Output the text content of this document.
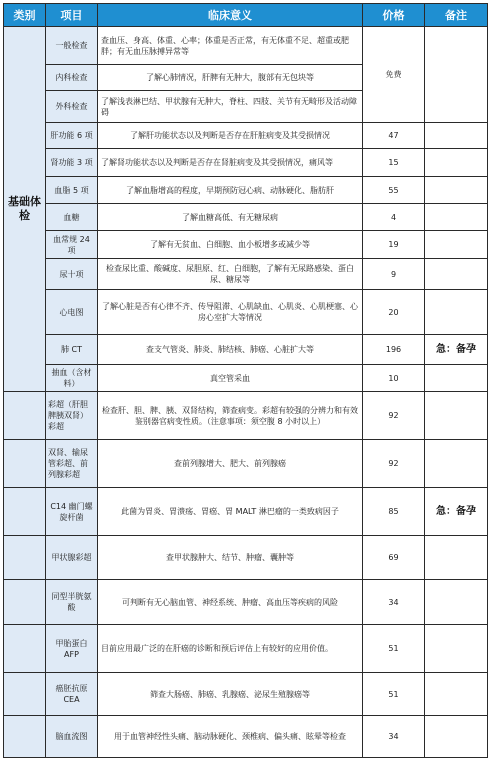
类别	项目	临床意义	价格	备注
基础体检	一般检查	查血压、身高、体重、心率；体重是否正常，有无体重不足、超重或肥胖；有无血压脉搏异常等	免费	
	内科检查	了解心肺情况，肝脾有无肿大，腹部有无包块等		
	外科检查	了解浅表淋巴结、甲状腺有无肿大，脊柱、四肢、关节有无畸形及活动障碍		
	肝功能 6 项	了解肝功能状态以及判断是否存在肝脏病变及其受损情况	47	
	肾功能 3 项	了解肾功能状态以及判断是否存在肾脏病变及其受损情况，痛风等	15	
	血脂 5 项	了解血脂增高的程度，早期预防冠心病、动脉硬化、脂肪肝	55	
	血糖	了解血糖高低、有无糖尿病	4	
	血常规 24 项	了解有无贫血、白细胞、血小板增多或减少等	19	
	尿十项	检查尿比重、酸碱度、尿胆原、红、白细胞，了解有无尿路感染、蛋白尿、糖尿等	9	
	心电图	了解心脏是否有心律不齐、传导阻滞、心肌缺血、心肌炎、心肌梗塞、心房心室扩大等情况	20	
	肺 CT	查支气管炎、肺炎、肺结核、肺癌、心脏扩大等	196	急：备孕
	抽血（含材料）	真空管采血	10	
	彩超（肝胆脾胰双肾）彩超	检查肝、胆、脾、胰、双肾结构，筛查病变。彩超有较强的分辨力和有效鉴别器官病变性质。（注意事项：须空腹 8 小时以上）	92	
	双肾、输尿管彩超、前列腺彩超	查前列腺增大、肥大、前列腺癌	92	
	C14 幽门螺旋杆菌	此菌为胃炎、胃溃疡、胃癌、胃 MALT 淋巴瘤的一类致病因子	85	急：备孕
	甲状腺彩超	查甲状腺肿大、结节、肿瘤、囊肿等	69	
	同型半胱氨酸	可判断有无心脑血管、神经系统、肿瘤、高血压等疾病的风险	34	
	甲胎蛋白 AFP	目前应用最广泛的在肝癌的诊断和预后评估上有较好的应用价值。	51	
	癌胚抗原 CEA	筛查大肠癌、肺癌、乳腺癌、泌尿生殖腺癌等	51	
	脑血流图	用于血管神经性头痛、脑动脉硬化、颈椎病、偏头痛、眩晕等检查	34	
